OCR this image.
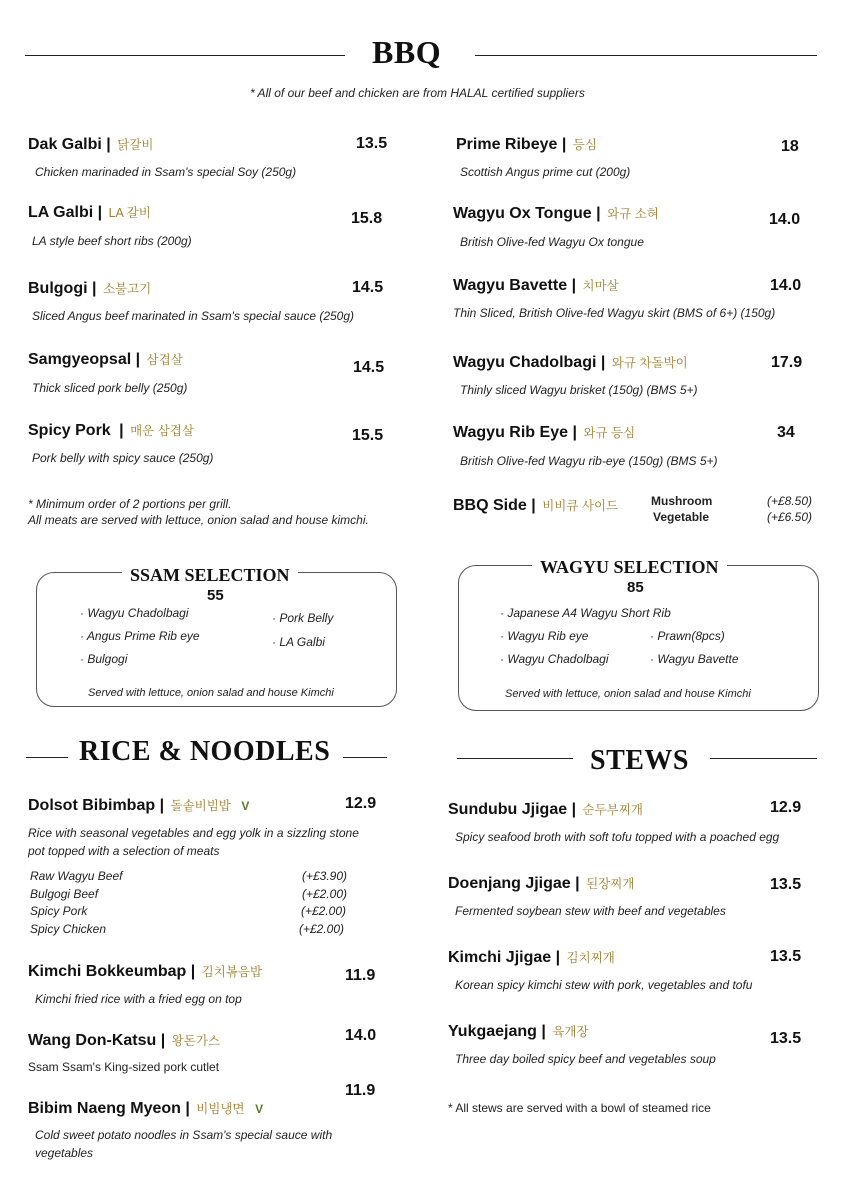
BBQ
* All of our beef and chicken are from HALAL certified suppliers
Dak Galbi | 닭갈비	13.5
Chicken marinaded in Ssam's special Soy (250g)
LA Galbi | LA 갈비	15.8
LA style beef short ribs (200g)
Bulgogi | 소불고기	14.5
Sliced Angus beef marinated in Ssam's special sauce (250g)
Samgyeopsal | 삼겹살	14.5
Thick sliced pork belly (250g)
Spicy Pork | 매운 삼겹살	15.5
Pork belly with spicy sauce (250g)
* Minimum order of 2 portions per grill.
All meats are served with lettuce, onion salad and house kimchi.
Prime Ribeye | 등심	18
Scottish Angus prime cut (200g)
Wagyu Ox Tongue | 와규 소혀	14.0
British Olive-fed Wagyu Ox tongue
Wagyu Bavette | 치마살	14.0
Thin Sliced, British Olive-fed Wagyu skirt (BMS of 6+) (150g)
Wagyu Chadolbagi | 와규 차돌박이	17.9
Thinly sliced Wagyu brisket (150g) (BMS 5+)
Wagyu Rib Eye | 와규 등심	34
British Olive-fed Wagyu rib-eye (150g) (BMS 5+)
BBQ Side | 비비큐 사이드	Mushroom	(+£8.50)
Vegetable	(+£6.50)
SSAM SELECTION
55
· Wagyu Chadolbagi
· Angus Prime Rib eye
· Bulgogi
· Pork Belly
· LA Galbi
Served with lettuce, onion salad and house Kimchi
WAGYU SELECTION
85
· Japanese A4 Wagyu Short Rib
· Wagyu Rib eye
· Wagyu Chadolbagi
· Prawn(8pcs)
· Wagyu Bavette
Served with lettuce, onion salad and house Kimchi
RICE & NOODLES
Dolsot Bibimbap | 돌솥비빔밥 V	12.9
Rice with seasonal vegetables and egg yolk in a sizzling stone
pot topped with a selection of meats
Raw Wagyu Beef	(+£3.90)
Bulgogi Beef	(+£2.00)
Spicy Pork	(+£2.00)
Spicy Chicken	(+£2.00)
Kimchi Bokkeumbap | 김치볶음밥	11.9
Kimchi fried rice with a fried egg on top
Wang Don-Katsu | 왕돈가스	14.0
Ssam Ssam's King-sized pork cutlet
11.9
Bibim Naeng Myeon | 비빔냉면 V
Cold sweet potato noodles in Ssam's special sauce with
vegetables
STEWS
Sundubu Jjigae | 순두부찌개	12.9
Spicy seafood broth with soft tofu topped with a poached egg
Doenjang Jjigae | 된장찌개	13.5
Fermented soybean stew with beef and vegetables
Kimchi Jjigae | 김치찌개	13.5
Korean spicy kimchi stew with pork, vegetables and tofu
Yukgaejang | 육개장	13.5
Three day boiled spicy beef and vegetables soup
* All stews are served with a bowl of steamed rice
